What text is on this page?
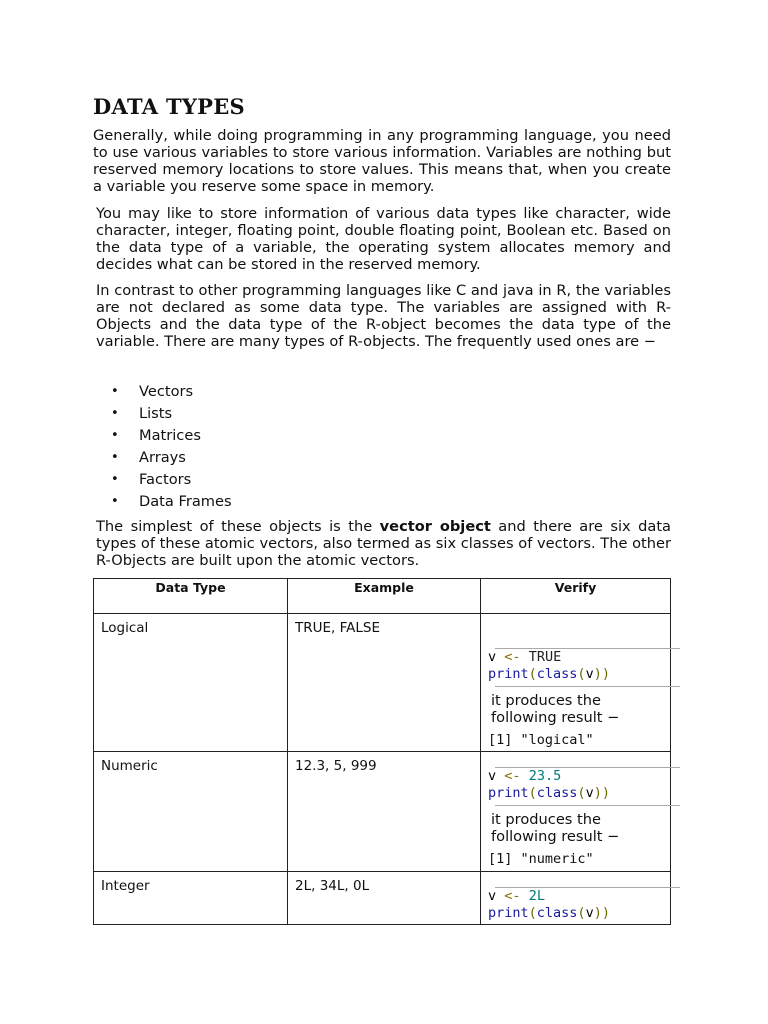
DATA TYPES

Generally, while doing programming in any programming language, you need to use various variables to store various information. Variables are nothing but reserved memory locations to store values. This means that, when you create a variable you reserve some space in memory.

You may like to store information of various data types like character, wide character, integer, floating point, double floating point, Boolean etc. Based on the data type of a variable, the operating system allocates memory and decides what can be stored in the reserved memory.

In contrast to other programming languages like C and java in R, the variables are not declared as some data type. The variables are assigned with R-Objects and the data type of the R-object becomes the data type of the variable. There are many types of R-objects. The frequently used ones are −

• Vectors
• Lists
• Matrices
• Arrays
• Factors
• Data Frames

The simplest of these objects is the vector object and there are six data types of these atomic vectors, also termed as six classes of vectors. The other R-Objects are built upon the atomic vectors.

Data Type	Example	Verify
Logical	TRUE, FALSE	v <- TRUE
print(class(v))
it produces the following result −
[1] "logical"

Numeric	12.3, 5, 999	v <- 23.5
print(class(v))
it produces the following result −
[1] "numeric"

Integer	2L, 34L, 0L	v <- 2L
print(class(v))
